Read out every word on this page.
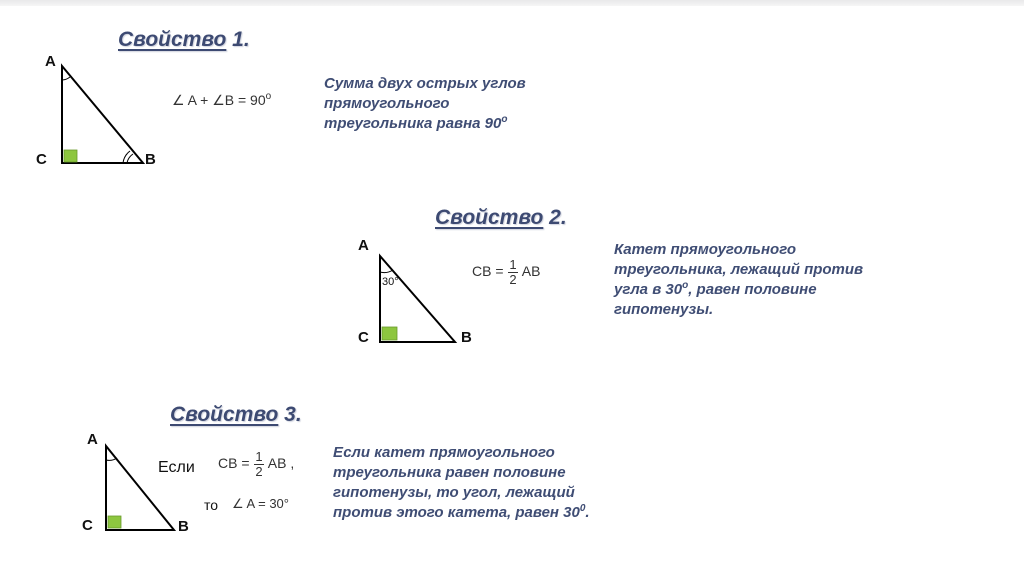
Свойство 1.
A
C	B
∠ A + ∠B = $90^o$
Сумма двух острых углов
прямоугольного
треугольника равна $90^о$
Свойство 2.
A
C	B
30°
CB = $\frac{1}{2}$ AB
Катет прямоугольного
треугольника, лежащий против
угла в $30^о$, равен половине
гипотенузы.
Свойство 3.
A
C	B
Если CB = $\frac{1}{2}$ AB ,
то ∠ A = 30°
Если катет прямоугольного
треугольника равен половине
гипотенузы, то угол, лежащий
против этого катета, равен $30^0$.
